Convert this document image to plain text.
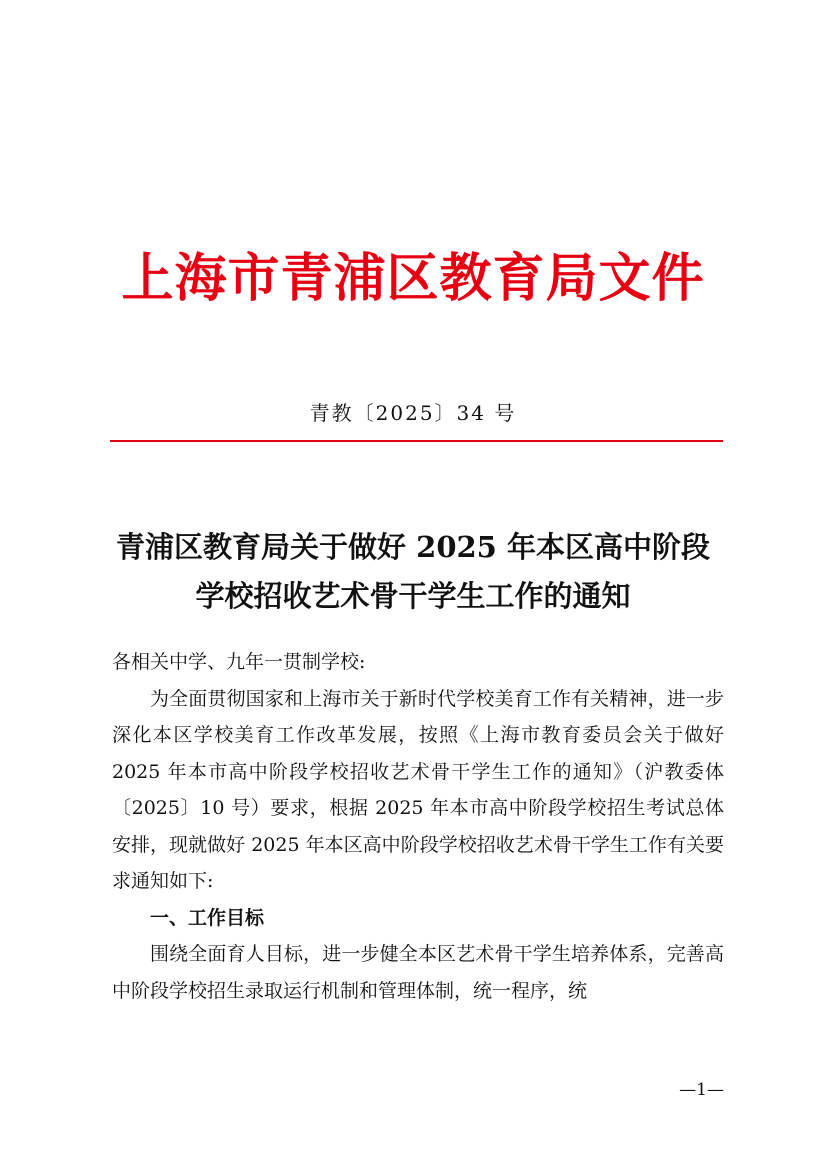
上海市青浦区教育局文件
青教〔2025〕34 号
青浦区教育局关于做好 2025 年本区高中阶段
学校招收艺术骨干学生工作的通知

各相关中学、九年一贯制学校:

为全面贯彻国家和上海市关于新时代学校美育工作有关精神，进一步深化本区学校美育工作改革发展，按照《上海市教育委员会关于做好 2025 年本市高中阶段学校招收艺术骨干学生工作的通知》（沪教委体〔2025〕10 号）要求，根据 2025 年本市高中阶段学校招生考试总体安排，现就做好 2025 年本区高中阶段学校招收艺术骨干学生工作有关要求通知如下:

一、工作目标

围绕全面育人目标，进一步健全本区艺术骨干学生培养体系，完善高中阶段学校招生录取运行机制和管理体制，统一程序，统

—1—
